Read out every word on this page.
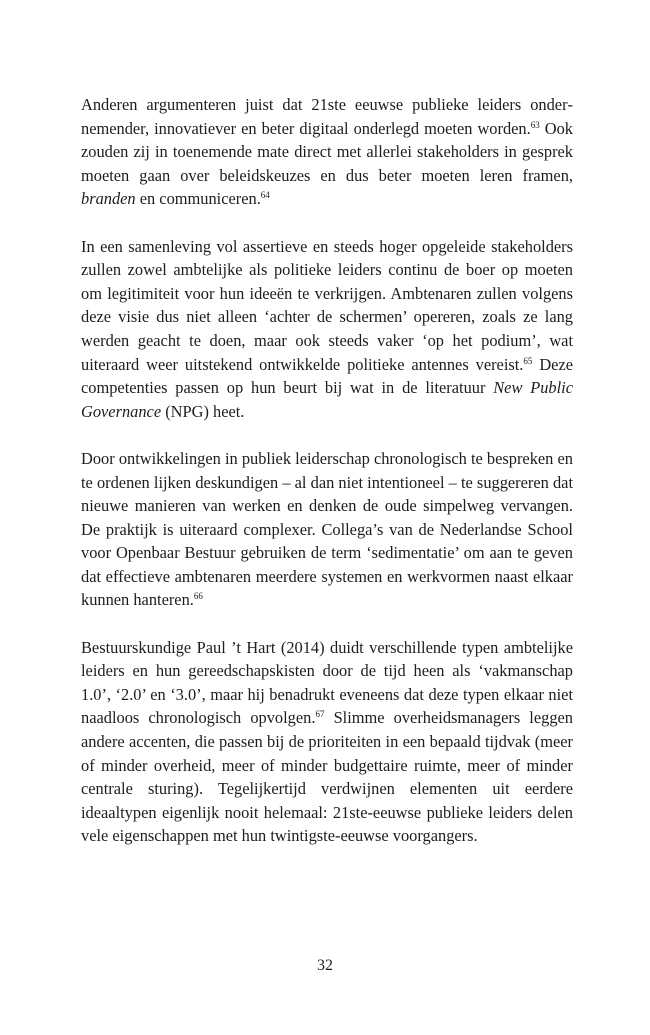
Anderen argumenteren juist dat 21ste eeuwse publieke leiders ondernemender, innovatiever en beter digitaal onderlegd moeten worden.$^{63}$ Ook zouden zij in toenemende mate direct met allerlei stakeholders in gesprek moeten gaan over beleidskeuzes en dus beter moeten leren framen, branden en communiceren.$^{64}$

In een samenleving vol assertieve en steeds hoger opgeleide stakeholders zullen zowel ambtelijke als politieke leiders continu de boer op moeten om legitimiteit voor hun ideeën te verkrijgen. Ambtenaren zullen volgens deze visie dus niet alleen ‘achter de schermen’ opereren, zoals ze lang werden geacht te doen, maar ook steeds vaker ‘op het podium’, wat uiteraard weer uitstekend ontwikkelde politieke antennes vereist.$^{65}$ Deze competenties passen op hun beurt bij wat in de literatuur New Public Governance (NPG) heet.

Door ontwikkelingen in publiek leiderschap chronologisch te bespreken en te ordenen lijken deskundigen – al dan niet intentioneel – te suggereren dat nieuwe manieren van werken en denken de oude simpelweg vervangen. De praktijk is uiteraard complexer. Collega’s van de Nederlandse School voor Openbaar Bestuur gebruiken de term ‘sedimentatie’ om aan te geven dat effectieve ambtenaren meerdere systemen en werkvormen naast elkaar kunnen hanteren.$^{66}$

Bestuurskundige Paul ’t Hart (2014) duidt verschillende typen ambtelijke leiders en hun gereedschapskisten door de tijd heen als ‘vakmanschap 1.0’, ‘2.0’ en ‘3.0’, maar hij benadrukt eveneens dat deze typen elkaar niet naadloos chronologisch opvolgen.$^{67}$ Slimme overheidsmanagers leggen andere accenten, die passen bij de prioriteiten in een bepaald tijdvak (meer of minder overheid, meer of minder budgettaire ruimte, meer of minder centrale sturing). Tegelijkertijd verdwijnen elementen uit eerdere ideaaltypen eigenlijk nooit helemaal: 21ste-eeuwse publieke leiders delen vele eigenschappen met hun twintigste-eeuwse voorgangers.

32
